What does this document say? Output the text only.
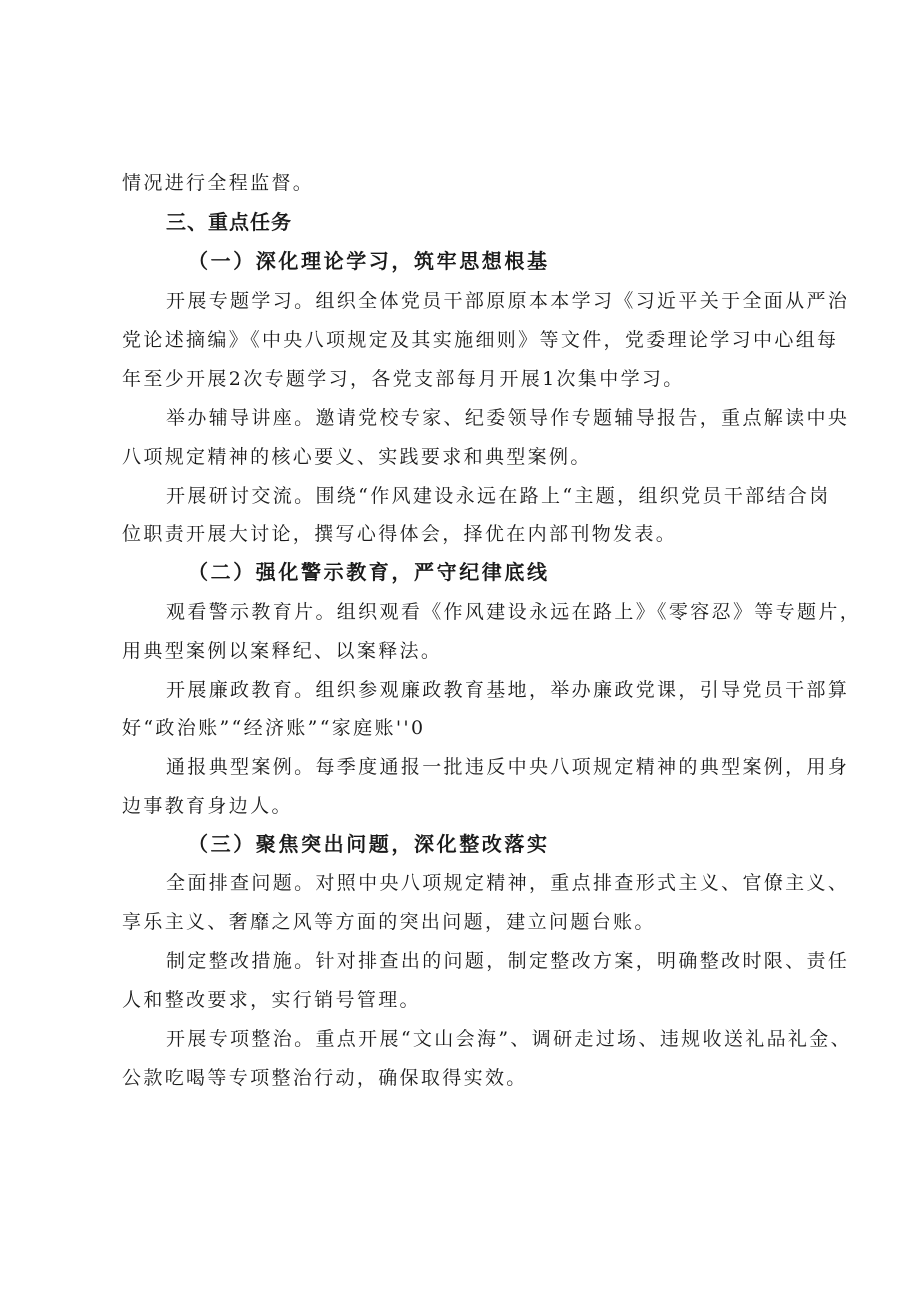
情况进行全程监督。
三、重点任务
（一）深化理论学习，筑牢思想根基
开展专题学习。组织全体党员干部原原本本学习《习近平关于全面从严治
党论述摘编》《中央八项规定及其实施细则》等文件，党委理论学习中心组每
年至少开展2次专题学习，各党支部每月开展1次集中学习。
举办辅导讲座。邀请党校专家、纪委领导作专题辅导报告，重点解读中央
八项规定精神的核心要义、实践要求和典型案例。
开展研讨交流。围绕“作风建设永远在路上“主题，组织党员干部结合岗
位职责开展大讨论，撰写心得体会，择优在内部刊物发表。
（二）强化警示教育，严守纪律底线
观看警示教育片。组织观看《作风建设永远在路上》《零容忍》等专题片，
用典型案例以案释纪、以案释法。
开展廉政教育。组织参观廉政教育基地，举办廉政党课，引导党员干部算
好“政治账”“经济账”“家庭账''0
通报典型案例。每季度通报一批违反中央八项规定精神的典型案例，用身
边事教育身边人。
（三）聚焦突出问题，深化整改落实
全面排查问题。对照中央八项规定精神，重点排查形式主义、官僚主义、
享乐主义、奢靡之风等方面的突出问题，建立问题台账。
制定整改措施。针对排查出的问题，制定整改方案，明确整改时限、责任
人和整改要求，实行销号管理。
开展专项整治。重点开展“文山会海”、调研走过场、违规收送礼品礼金、
公款吃喝等专项整治行动，确保取得实效。
